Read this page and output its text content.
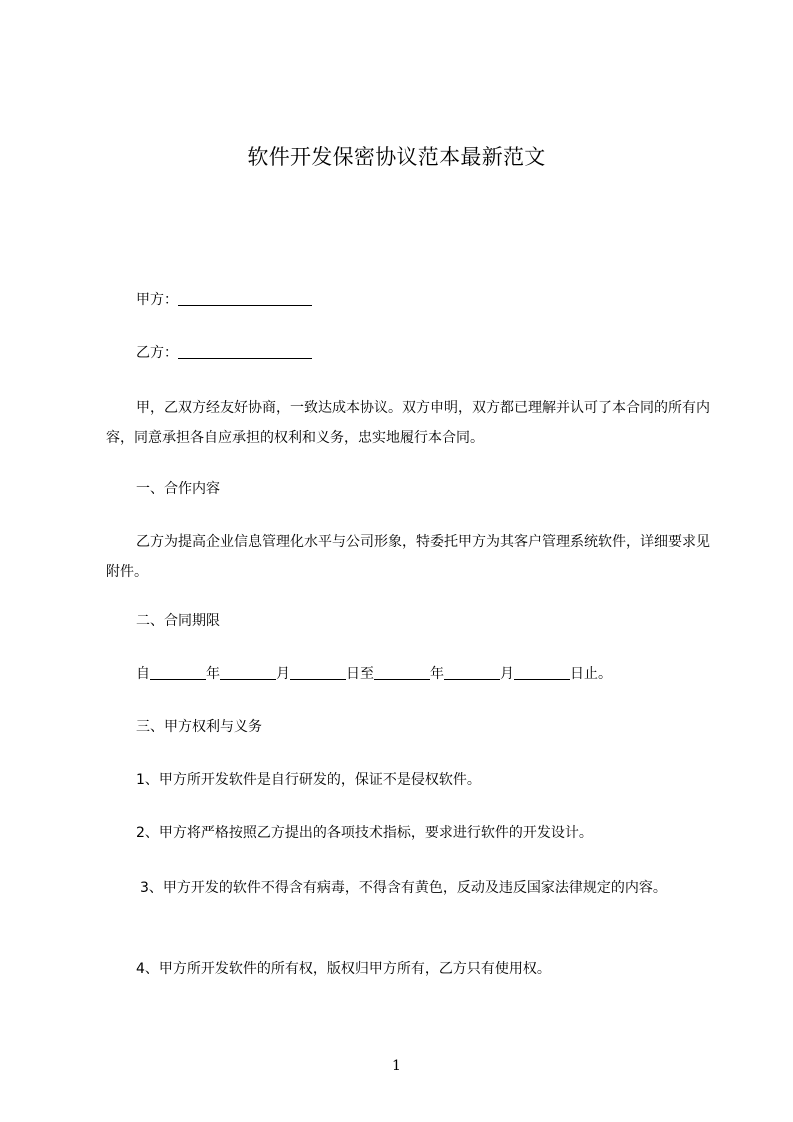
软件开发保密协议范本最新范文
甲方：
乙方：
甲，乙双方经友好协商，一致达成本协议。双方申明，双方都已理解并认可了本合同的所有内容，同意承担各自应承担的权利和义务，忠实地履行本合同。
一、合作内容
乙方为提高企业信息管理化水平与公司形象，特委托甲方为其客户管理系统软件，详细要求见附件。
二、合同期限
自	年	月	日至	年	月	日止。
三、甲方权利与义务
1、甲方所开发软件是自行研发的，保证不是侵权软件。
2、甲方将严格按照乙方提出的各项技术指标，要求进行软件的开发设计。
3、甲方开发的软件不得含有病毒，不得含有黄色，反动及违反国家法律规定的内容。
4、甲方所开发软件的所有权，版权归甲方所有，乙方只有使用权。
1
